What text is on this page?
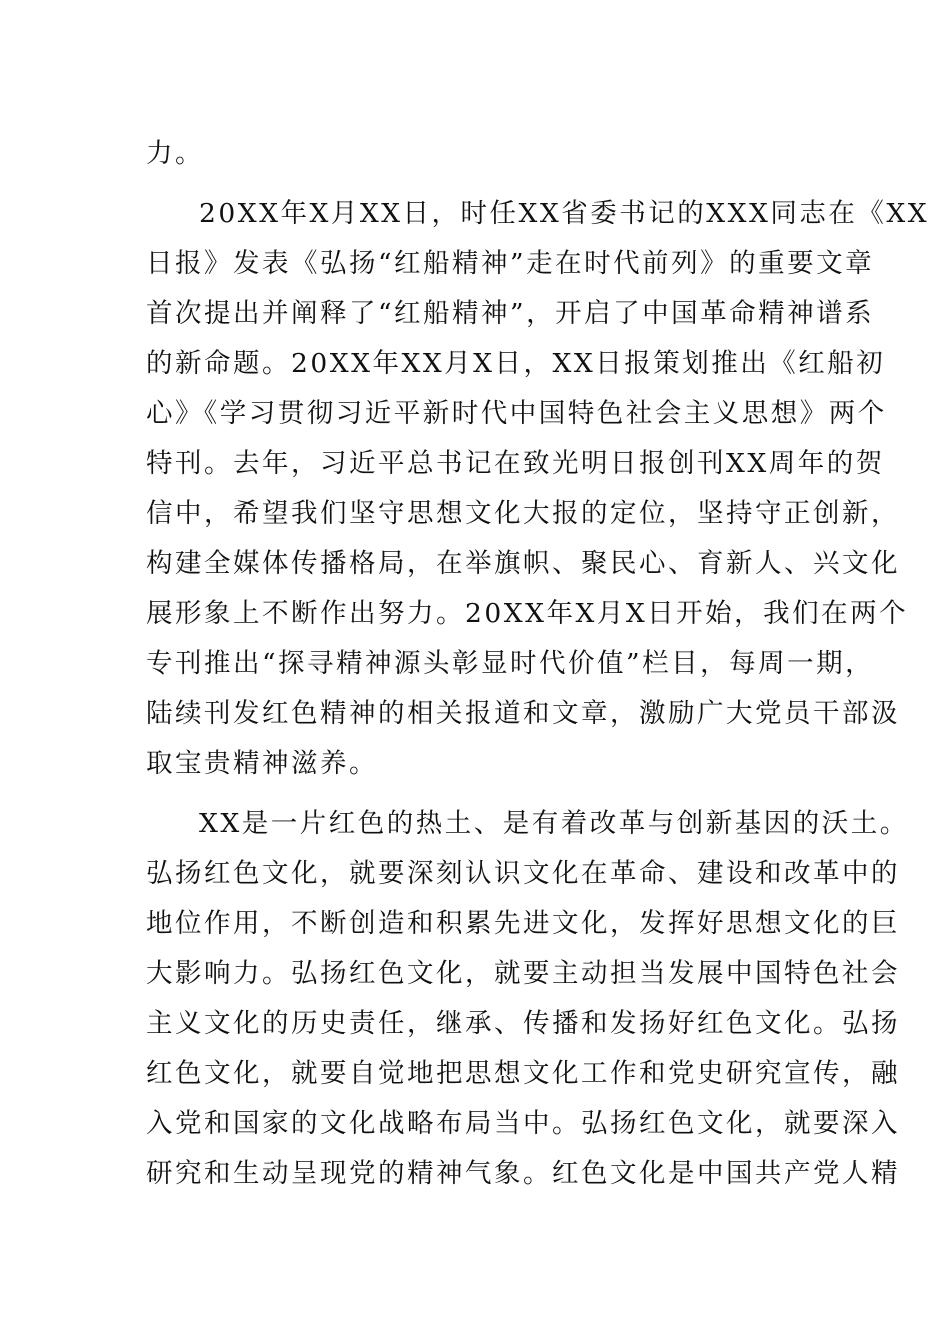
力。
20XX年X月XX日，时任XX省委书记的XXX同志在《XX
日报》发表《弘扬“红船精神”走在时代前列》的重要文章
首次提出并阐释了“红船精神”，开启了中国革命精神谱系
的新命题。20XX年XX月X日，XX日报策划推出《红船初
心》《学习贯彻习近平新时代中国特色社会主义思想》两个
特刊。去年，习近平总书记在致光明日报创刊XX周年的贺
信中，希望我们坚守思想文化大报的定位，坚持守正创新，
构建全媒体传播格局，在举旗帜、聚民心、育新人、兴文化
展形象上不断作出努力。20XX年X月X日开始，我们在两个
专刊推出“探寻精神源头彰显时代价值”栏目，每周一期，
陆续刊发红色精神的相关报道和文章，激励广大党员干部汲
取宝贵精神滋养。
XX是一片红色的热土、是有着改革与创新基因的沃土。
弘扬红色文化，就要深刻认识文化在革命、建设和改革中的
地位作用，不断创造和积累先进文化，发挥好思想文化的巨
大影响力。弘扬红色文化，就要主动担当发展中国特色社会
主义文化的历史责任，继承、传播和发扬好红色文化。弘扬
红色文化，就要自觉地把思想文化工作和党史研究宣传，融
入党和国家的文化战略布局当中。弘扬红色文化，就要深入
研究和生动呈现党的精神气象。红色文化是中国共产党人精
